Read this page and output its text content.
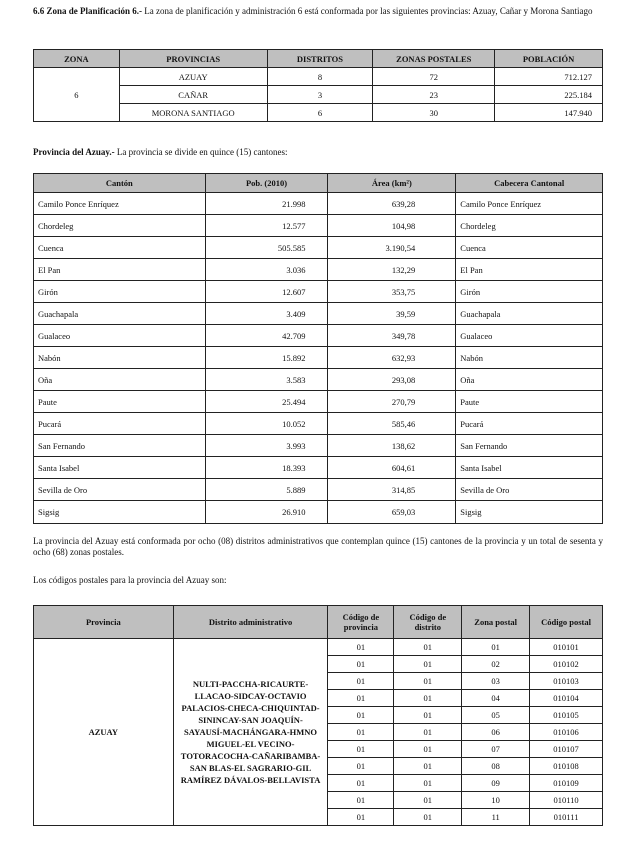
6.6 Zona de Planificación 6.- La zona de planificación y administración 6 está conformada por las siguientes provincias: Azuay, Cañar y Morona Santiago

ZONA	PROVINCIAS	DISTRITOS	ZONAS POSTALES	POBLACIÓN
6	AZUAY	8	72	712.127
	CAÑAR	3	23	225.184
	MORONA SANTIAGO	6	30	147.940

Provincia del Azuay.- La provincia se divide en quince (15) cantones:

Cantón	Pob. (2010)	Área (km²)	Cabecera Cantonal
Camilo Ponce Enríquez	21.998	639,28	Camilo Ponce Enríquez
Chordeleg	12.577	104,98	Chordeleg
Cuenca	505.585	3.190,54	Cuenca
El Pan	3.036	132,29	El Pan
Girón	12.607	353,75	Girón
Guachapala	3.409	39,59	Guachapala
Gualaceo	42.709	349,78	Gualaceo
Nabón	15.892	632,93	Nabón
Oña	3.583	293,08	Oña
Paute	25.494	270,79	Paute
Pucará	10.052	585,46	Pucará
San Fernando	3.993	138,62	San Fernando
Santa Isabel	18.393	604,61	Santa Isabel
Sevilla de Oro	5.889	314,85	Sevilla de Oro
Sigsig	26.910	659,03	Sigsig

La provincia del Azuay está conformada por ocho (08) distritos administrativos que contemplan quince (15) cantones de la provincia y un total de sesenta y ocho (68) zonas postales.

Los códigos postales para la provincia del Azuay son:

Provincia	Distrito administrativo	Código de provincia	Código de distrito	Zona postal	Código postal
AZUAY	NULTI-PACCHA-RICAURTE-LLACAO-SIDCAY-OCTAVIO PALACIOS-CHECA-CHIQUINTAD-SININCAY-SAN JOAQUÍN-SAYAUSÍ-MACHÁNGARA-HMNO MIGUEL-EL VECINO-TOTORACOCHA-CAÑARIBAMBA-SAN BLAS-EL SAGRARIO-GIL RAMÍREZ DÁVALOS-BELLAVISTA	01	01	01	010101
		01	01	02	010102
		01	01	03	010103
		01	01	04	010104
		01	01	05	010105
		01	01	06	010106
		01	01	07	010107
		01	01	08	010108
		01	01	09	010109
		01	01	10	010110
		01	01	11	010111
